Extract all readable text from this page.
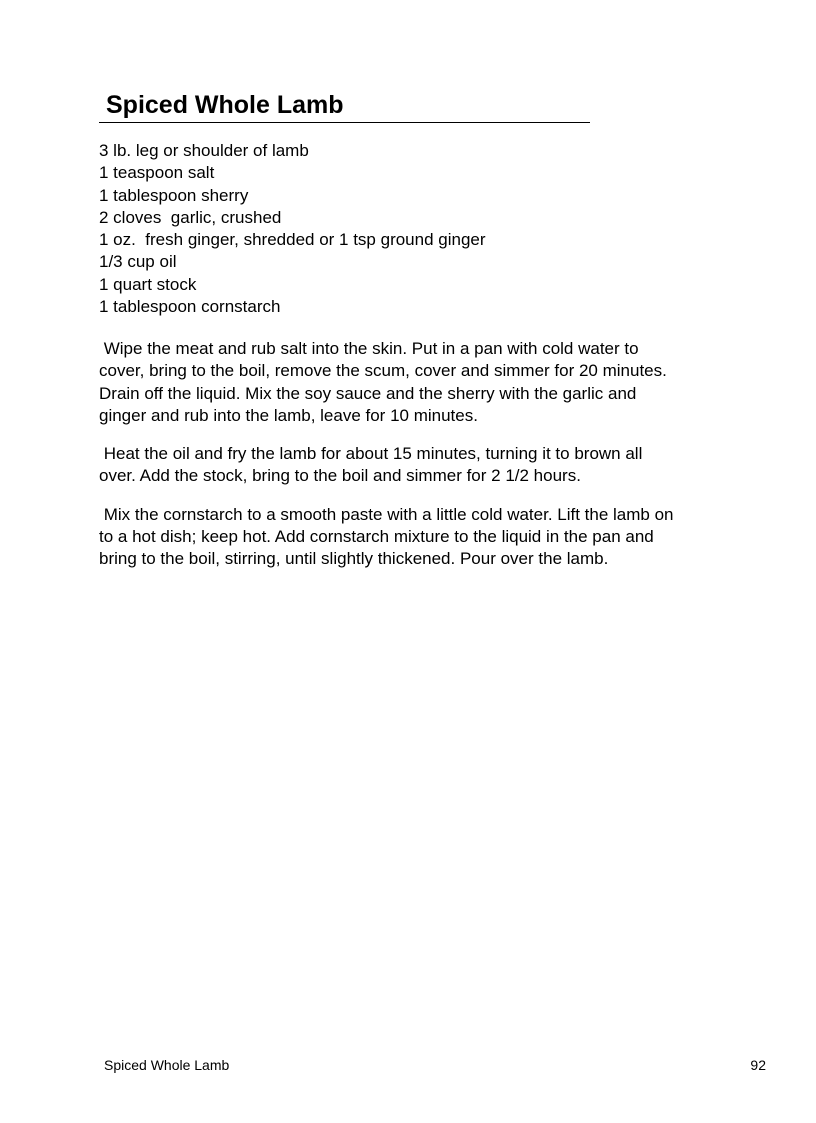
Spiced Whole Lamb
3 lb. leg or shoulder of lamb
1 teaspoon salt
1 tablespoon sherry
2 cloves  garlic, crushed
1 oz.  fresh ginger, shredded or 1 tsp ground ginger
1/3 cup oil
1 quart stock
1 tablespoon cornstarch

Wipe the meat and rub salt into the skin. Put in a pan with cold water to cover, bring to the boil, remove the scum, cover and simmer for 20 minutes. Drain off the liquid. Mix the soy sauce and the sherry with the garlic and ginger and rub into the lamb, leave for 10 minutes.

Heat the oil and fry the lamb for about 15 minutes, turning it to brown all over. Add the stock, bring to the boil and simmer for 2 1/2 hours.

Mix the cornstarch to a smooth paste with a little cold water. Lift the lamb on to a hot dish; keep hot. Add cornstarch mixture to the liquid in the pan and bring to the boil, stirring, until slightly thickened. Pour over the lamb.

Spiced Whole Lamb	92
